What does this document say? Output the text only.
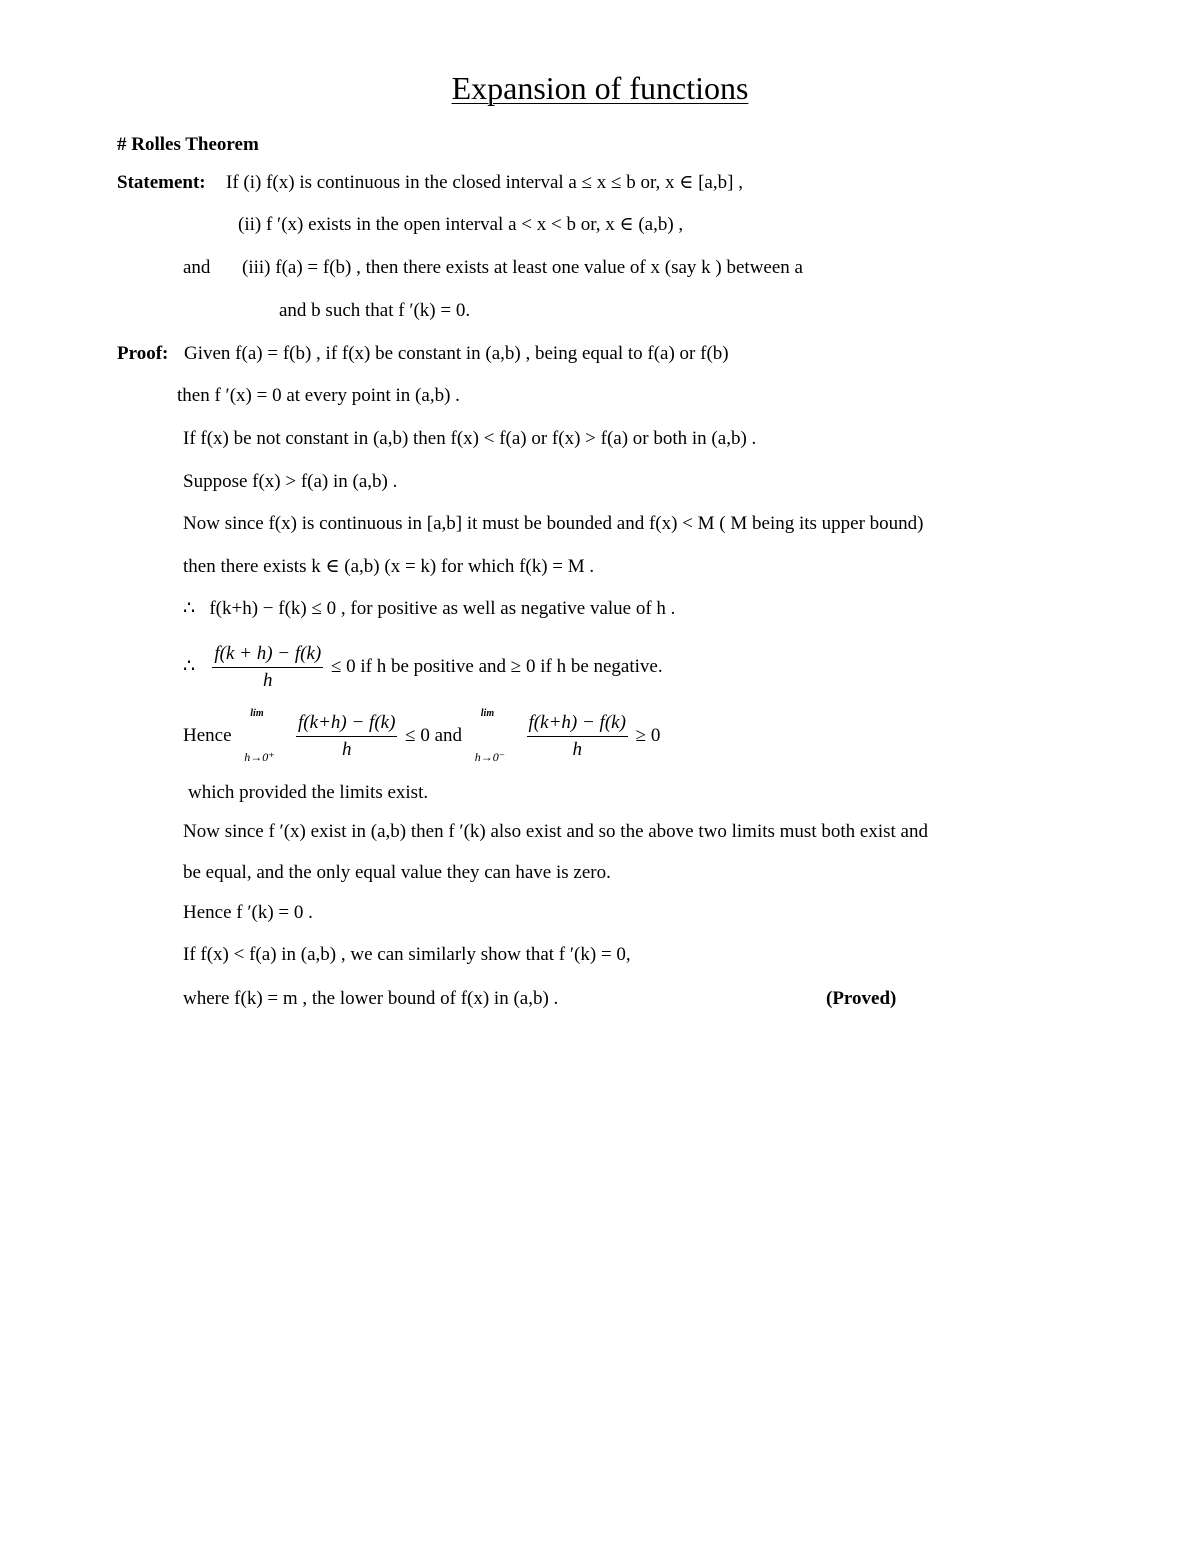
Expansion of functions
# Rolles Theorem
Statement: If (i) f(x) is continuous in the closed interval a ≤ x ≤ b or, x ∈ [a,b] ,
(ii) f ′(x) exists in the open interval a < x < b or, x ∈ (a,b) ,
and (iii) f(a) = f(b) , then there exists at least one value of x (say k ) between a
and b such that f ′(k) = 0.
Proof: Given f(a) = f(b) , if f(x) be constant in (a,b) , being equal to f(a) or f(b)
then f ′(x) = 0 at every point in (a,b) .
If f(x) be not constant in (a,b) then f(x) < f(a) or f(x) > f(a) or both in (a,b) .
Suppose f(x) > f(a) in (a,b) .
Now since f(x) is continuous in [a,b] it must be bounded and f(x) < M ( M being its upper bound)
then there exists k ∈ (a,b) (x = k) for which f(k) = M .
∴ f(k+h) − f(k) ≤ 0 , for positive as well as negative value of h .
∴ $\frac{f(k + h) - f(k)}{h} \le 0$ if h be positive and ≥ 0 if h be negative.
Hence
lim
h→0⁺
$\frac{f(k+h) - f(k)}{h} \le 0$ and
lim
h→0⁻
$\frac{f(k+h) - f(k)}{h} \ge 0$
which provided the limits exist.
Now since f ′(x) exist in (a,b) then f ′(k) also exist and so the above two limits must both exist and
be equal, and the only equal value they can have is zero.
Hence f ′(k) = 0 .
If f(x) < f(a) in (a,b) , we can similarly show that f ′(k) = 0,
where f(k) = m , the lower bound of f(x) in (a,b) .	(Proved)
